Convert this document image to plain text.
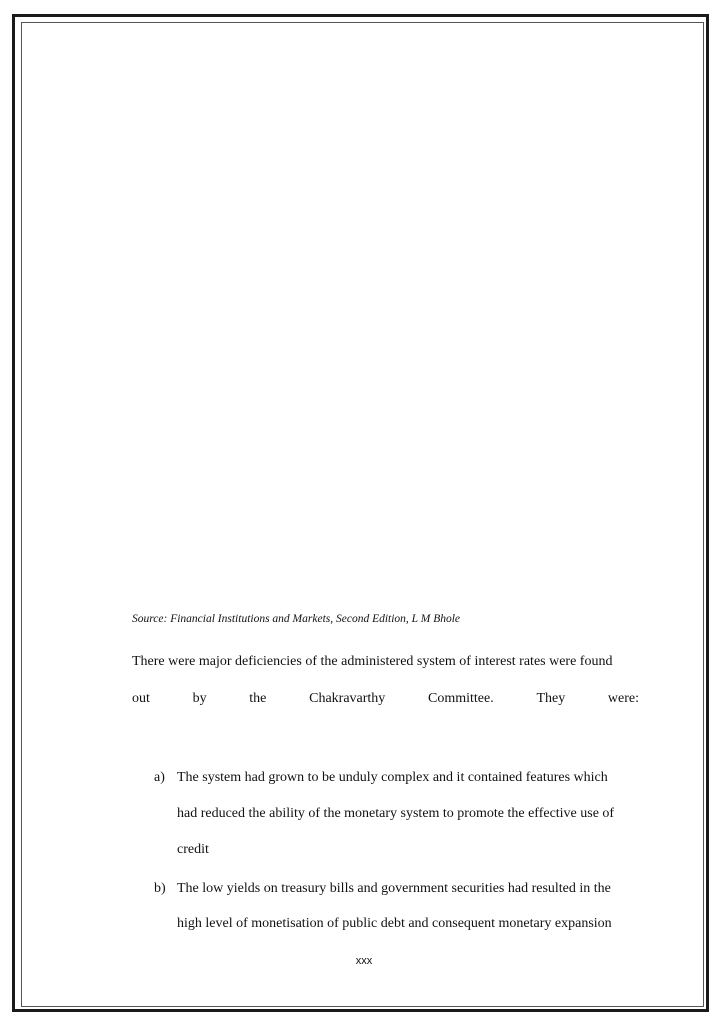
Source: Financial Institutions and Markets, Second Edition, L M Bhole
There were major deficiencies of the administered system of interest rates were found
out	by	the	Chakravarthy	Committee.	They	were:
a) The system had grown to be unduly complex and it contained features which
had reduced the ability of the monetary system to promote the effective use of
credit
b) The low yields on treasury bills and government securities had resulted in the
high level of monetisation of public debt and consequent monetary expansion
xxx
